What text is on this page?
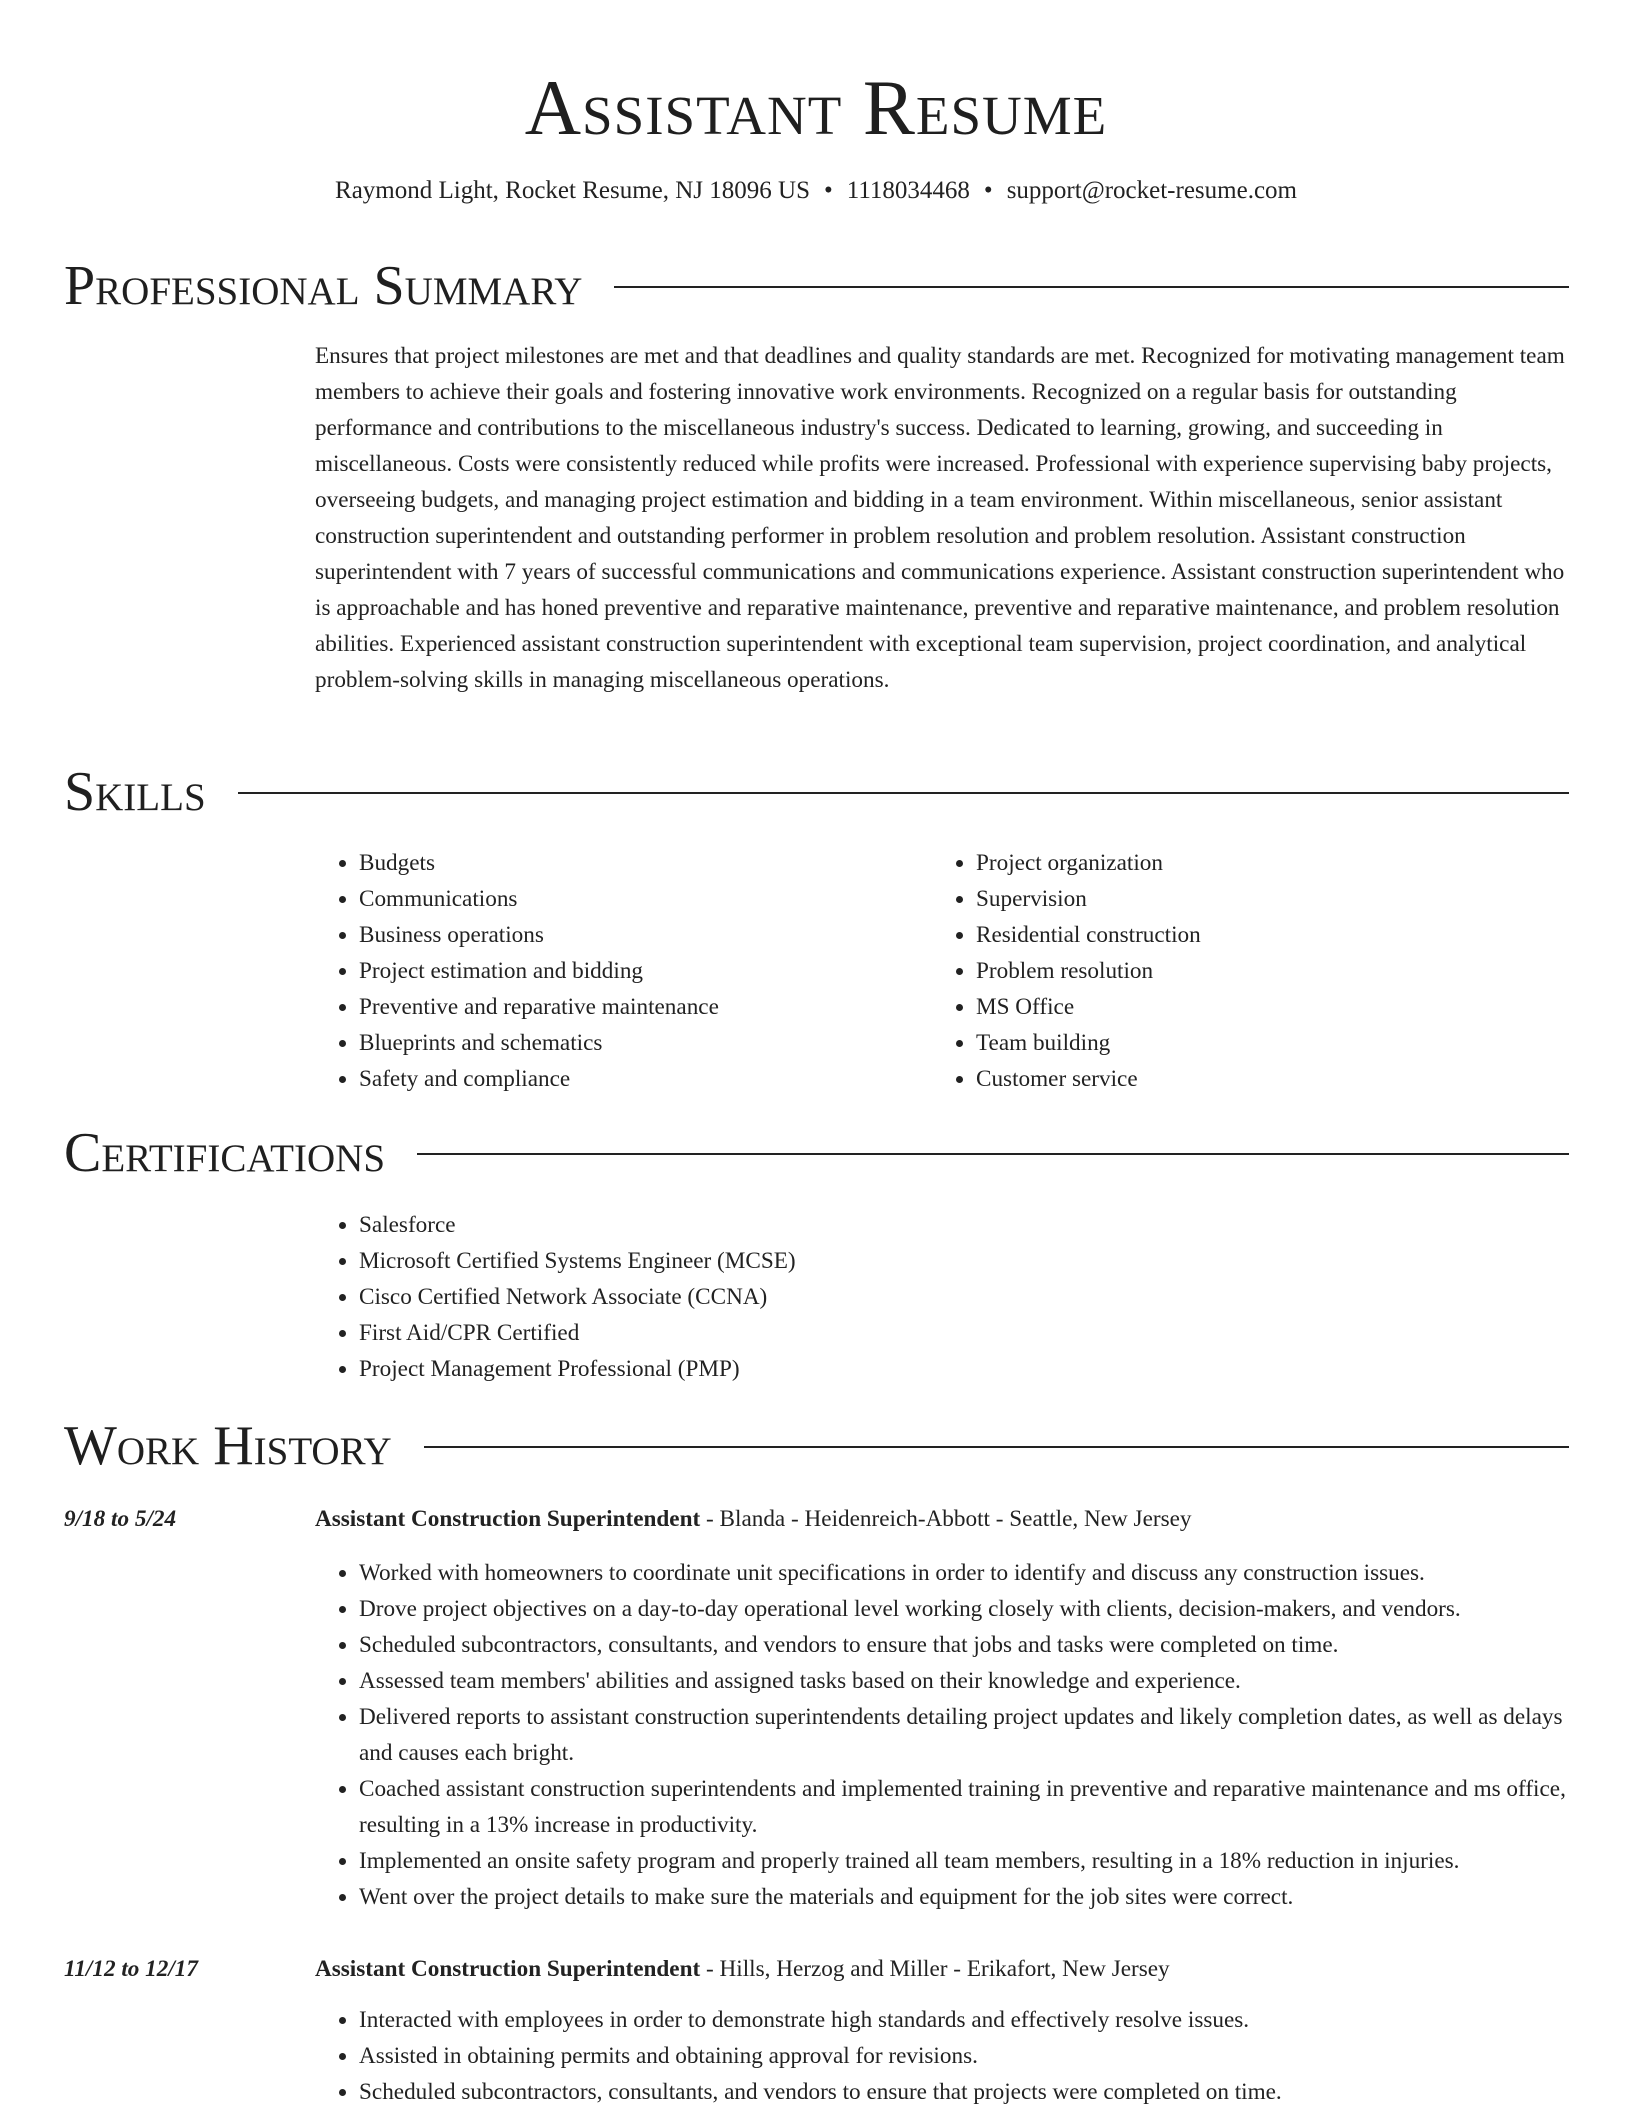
Assistant Resume
Raymond Light, Rocket Resume, NJ 18096 US • 1118034468 • support@rocket-resume.com
Professional Summary
Ensures that project milestones are met and that deadlines and quality standards are met. Recognized for motivating management team members to achieve their goals and fostering innovative work environments. Recognized on a regular basis for outstanding performance and contributions to the miscellaneous industry's success. Dedicated to learning, growing, and succeeding in miscellaneous. Costs were consistently reduced while profits were increased. Professional with experience supervising baby projects, overseeing budgets, and managing project estimation and bidding in a team environment. Within miscellaneous, senior assistant construction superintendent and outstanding performer in problem resolution and problem resolution. Assistant construction superintendent with 7 years of successful communications and communications experience. Assistant construction superintendent who is approachable and has honed preventive and reparative maintenance, preventive and reparative maintenance, and problem resolution abilities. Experienced assistant construction superintendent with exceptional team supervision, project coordination, and analytical problem-solving skills in managing miscellaneous operations.
Skills
• Budgets
• Communications
• Business operations
• Project estimation and bidding
• Preventive and reparative maintenance
• Blueprints and schematics
• Safety and compliance
• Project organization
• Supervision
• Residential construction
• Problem resolution
• MS Office
• Team building
• Customer service
Certifications
• Salesforce
• Microsoft Certified Systems Engineer (MCSE)
• Cisco Certified Network Associate (CCNA)
• First Aid/CPR Certified
• Project Management Professional (PMP)
Work History
9/18 to 5/24	Assistant Construction Superintendent - Blanda - Heidenreich-Abbott - Seattle, New Jersey
• Worked with homeowners to coordinate unit specifications in order to identify and discuss any construction issues.
• Drove project objectives on a day-to-day operational level working closely with clients, decision-makers, and vendors.
• Scheduled subcontractors, consultants, and vendors to ensure that jobs and tasks were completed on time.
• Assessed team members' abilities and assigned tasks based on their knowledge and experience.
• Delivered reports to assistant construction superintendents detailing project updates and likely completion dates, as well as delays and causes each bright.
• Coached assistant construction superintendents and implemented training in preventive and reparative maintenance and ms office, resulting in a 13% increase in productivity.
• Implemented an onsite safety program and properly trained all team members, resulting in a 18% reduction in injuries.
• Went over the project details to make sure the materials and equipment for the job sites were correct.
11/12 to 12/17	Assistant Construction Superintendent - Hills, Herzog and Miller - Erikafort, New Jersey
• Interacted with employees in order to demonstrate high standards and effectively resolve issues.
• Assisted in obtaining permits and obtaining approval for revisions.
• Scheduled subcontractors, consultants, and vendors to ensure that projects were completed on time.
